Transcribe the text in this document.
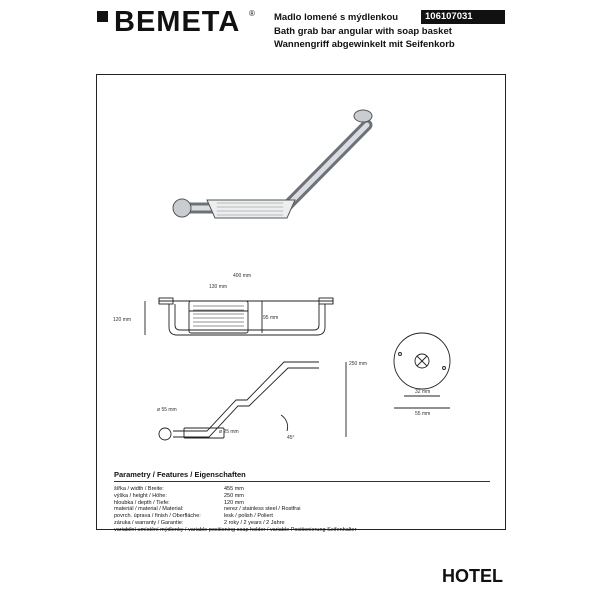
BEMETA ® Madlo lomené s mýdlenkou
Bath grab bar angular with soap basket
Wannengriff abgewinkelt mit Seifenkorb
106107031
400 mm
130 mm
120 mm	95 mm
250 mm
ø 55 mm
ø 25 mm
45°
32 mm
55 mm
Parametry / Features / Eigenschaften
šířka / width / Breite:	455 mm
výška / height / Höhe:	250 mm
hloubka / depth / Tiefe:	120 mm
materiál / material / Material:	nerez / stainless steel / Rostfrai
povrch. úprava / finish / Oberfläche:	lesk / polish / Poliert
záruka / warranty / Garantie:	2 roky / 2 years / 2 Jahre
variabilní umístění mýdlenky / variable positioning soap holder / variable Positionierung Seifenhalter
HOTEL
